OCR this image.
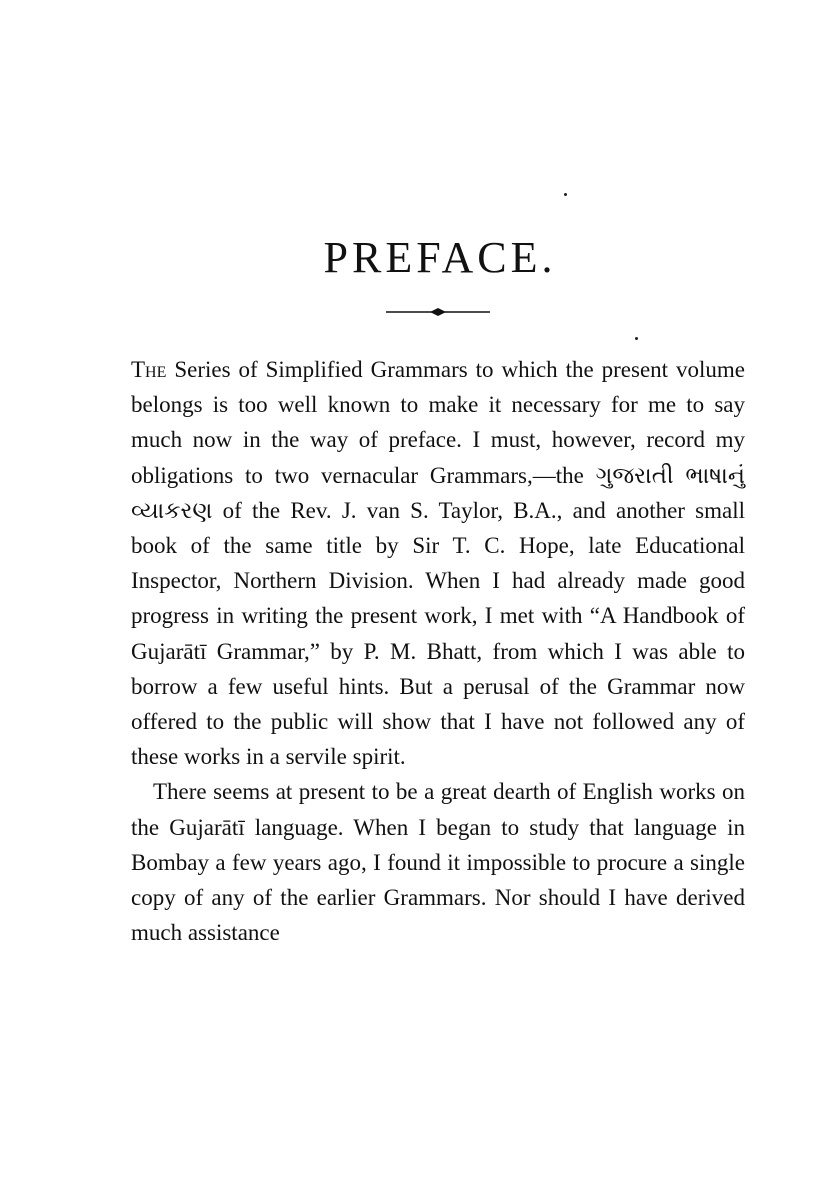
PREFACE.

The Series of Simplified Grammars to which the present volume belongs is too well known to make it necessary for me to say much now in the way of preface. I must, however, record my obligations to two vernacular Grammars,—the ગુજરાતી ભાષાનું વ્યાકરણ of the Rev. J. van S. Taylor, B.A., and another small book of the same title by Sir T. C. Hope, late Educational Inspector, Northern Division. When I had already made good progress in writing the present work, I met with “A Handbook of Gujarātī Grammar,” by P. M. Bhatt, from which I was able to borrow a few useful hints. But a perusal of the Grammar now offered to the public will show that I have not followed any of these works in a servile spirit.

There seems at present to be a great dearth of English works on the Gujarātī language. When I began to study that language in Bombay a few years ago, I found it impossible to procure a single copy of any of the earlier Grammars. Nor should I have derived much assistance
